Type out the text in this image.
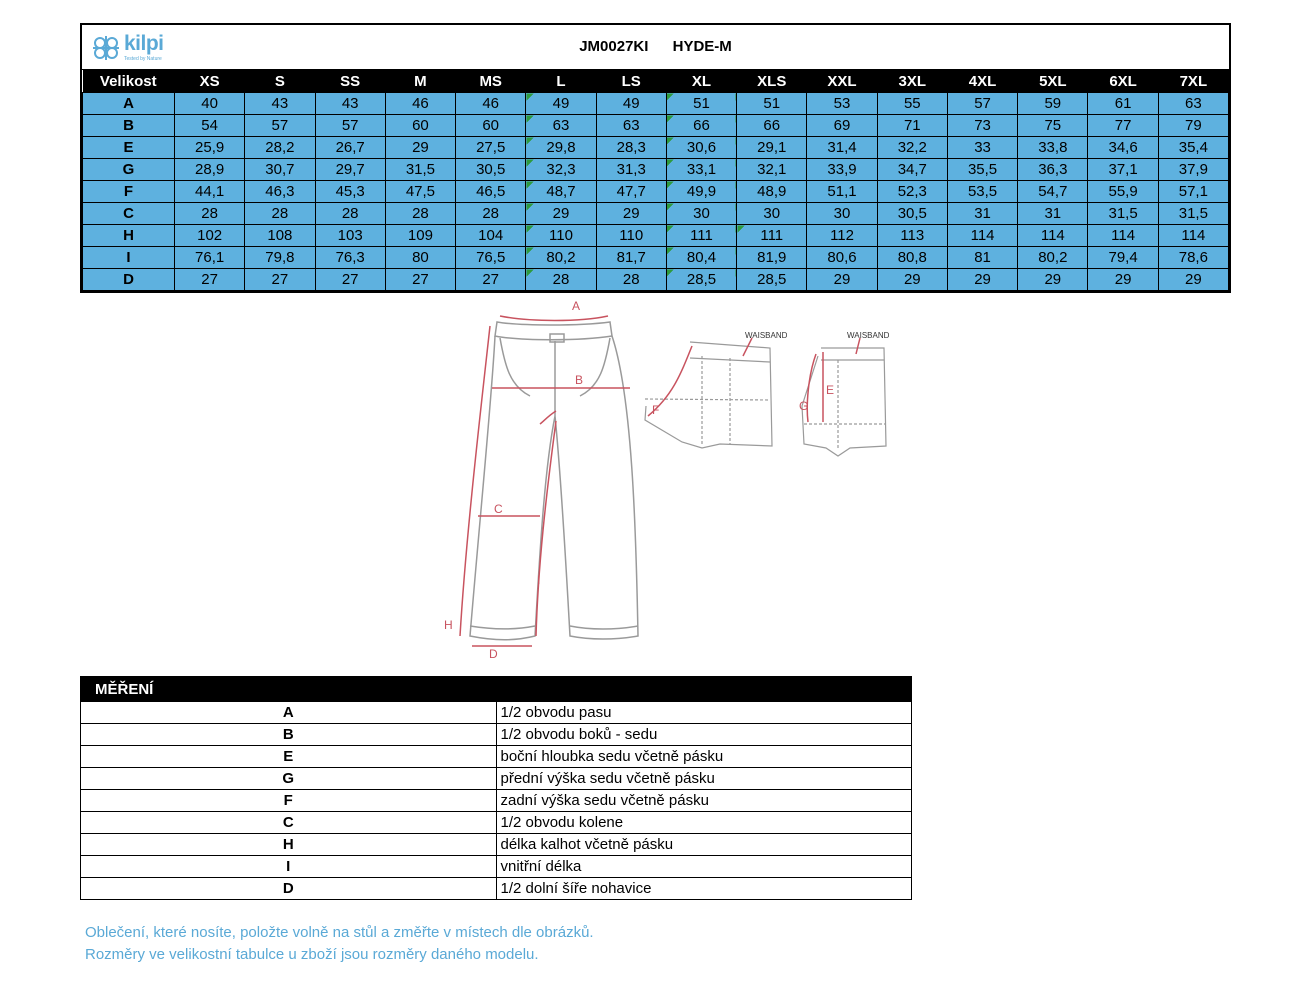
kilpi
Tested by Nature
JM0027KI HYDE-M
Velikost	XS	S	SS	M	MS	L	LS	XL	XLS	XXL	3XL	4XL	5XL	6XL	7XL
A	40	43	43	46	46	49	49	51	51	53	55	57	59	61	63
B	54	57	57	60	60	63	63	66	66	69	71	73	75	77	79
E	25,9	28,2	26,7	29	27,5	29,8	28,3	30,6	29,1	31,4	32,2	33	33,8	34,6	35,4
G	28,9	30,7	29,7	31,5	30,5	32,3	31,3	33,1	32,1	33,9	34,7	35,5	36,3	37,1	37,9
F	44,1	46,3	45,3	47,5	46,5	48,7	47,7	49,9	48,9	51,1	52,3	53,5	54,7	55,9	57,1
C	28	28	28	28	28	29	29	30	30	30	30,5	31	31	31,5	31,5
H	102	108	103	109	104	110	110	111	111	112	113	114	114	114	114
I	76,1	79,8	76,3	80	76,5	80,2	81,7	80,4	81,9	80,6	80,8	81	80,2	79,4	78,6
D	27	27	27	27	27	28	28	28,5	28,5	29	29	29	29	29	29
A
B
C
D
H
I
WAISBAND
F
WAISBAND
E
G
MĚŘENÍ	
A	1/2 obvodu pasu
B	1/2 obvodu boků - sedu
E	boční hloubka sedu včetně pásku
G	přední výška sedu včetně pásku
F	zadní výška sedu včetně pásku
C	1/2 obvodu kolene
H	délka kalhot včetně pásku
I	vnitřní délka
D	1/2 dolní šíře nohavice
Oblečení, které nosíte, položte volně na stůl a změřte v místech dle obrázků.
Rozměry ve velikostní tabulce u zboží jsou rozměry daného modelu.
